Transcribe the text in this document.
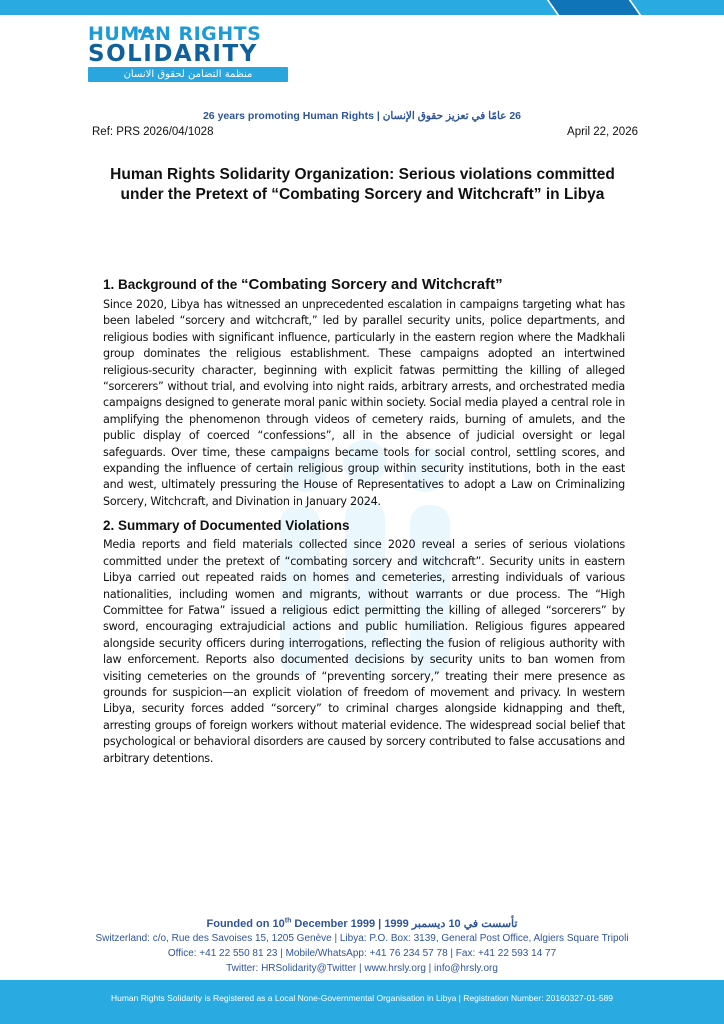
HUMAN RIGHTS
SOLIDARITY
منظمة التضامن لحقوق الانسان
26 years promoting Human Rights | 26 عامًا في تعزيز حقوق الإنسان
Ref: PRS 2026/04/1028	April 22, 2026
Human Rights Solidarity Organization: Serious violations committed under the Pretext of “Combating Sorcery and Witchcraft” in Libya
1. Background of the “Combating Sorcery and Witchcraft”

Since 2020, Libya has witnessed an unprecedented escalation in campaigns targeting what has been labeled “sorcery and witchcraft,” led by parallel security units, police departments, and religious bodies with significant influence, particularly in the eastern region where the Madkhali group dominates the religious establishment. These campaigns adopted an intertwined religious-security character, beginning with explicit fatwas permitting the killing of alleged “sorcerers” without trial, and evolving into night raids, arbitrary arrests, and orchestrated media campaigns designed to generate moral panic within society. Social media played a central role in amplifying the phenomenon through videos of cemetery raids, burning of amulets, and the public display of coerced “confessions”, all in the absence of judicial oversight or legal safeguards. Over time, these campaigns became tools for social control, settling scores, and expanding the influence of certain religious group within security institutions, both in the east and west, ultimately pressuring the House of Representatives to adopt a Law on Criminalizing Sorcery, Witchcraft, and Divination in January 2024.

2. Summary of Documented Violations

Media reports and field materials collected since 2020 reveal a series of serious violations committed under the pretext of “combating sorcery and witchcraft”. Security units in eastern Libya carried out repeated raids on homes and cemeteries, arresting individuals of various nationalities, including women and migrants, without warrants or due process. The “High Committee for Fatwa” issued a religious edict permitting the killing of alleged “sorcerers” by sword, encouraging extrajudicial actions and public humiliation. Religious figures appeared alongside security officers during interrogations, reflecting the fusion of religious authority with law enforcement. Reports also documented decisions by security units to ban women from visiting cemeteries on the grounds of “preventing sorcery,” treating their mere presence as grounds for suspicion—an explicit violation of freedom of movement and privacy. In western Libya, security forces added “sorcery” to criminal charges alongside kidnapping and theft, arresting groups of foreign workers without material evidence. The widespread social belief that psychological or behavioral disorders are caused by sorcery contributed to false accusations and arbitrary detentions.

Founded on 10th December 1999 | تأسست في 10 ديسمبر 1999
Switzerland: c/o, Rue des Savoises 15, 1205 Genève | Libya: P.O. Box: 3139, General Post Office, Algiers Square Tripoli
Office: +41 22 550 81 23 | Mobile/WhatsApp: +41 76 234 57 78 | Fax: +41 22 593 14 77
Twitter: HRSolidarity@Twitter | www.hrsly.org | info@hrsly.org
Human Rights Solidarity is Registered as a Local None-Governmental Organisation in Libya | Registration Number: 20160327-01-589
